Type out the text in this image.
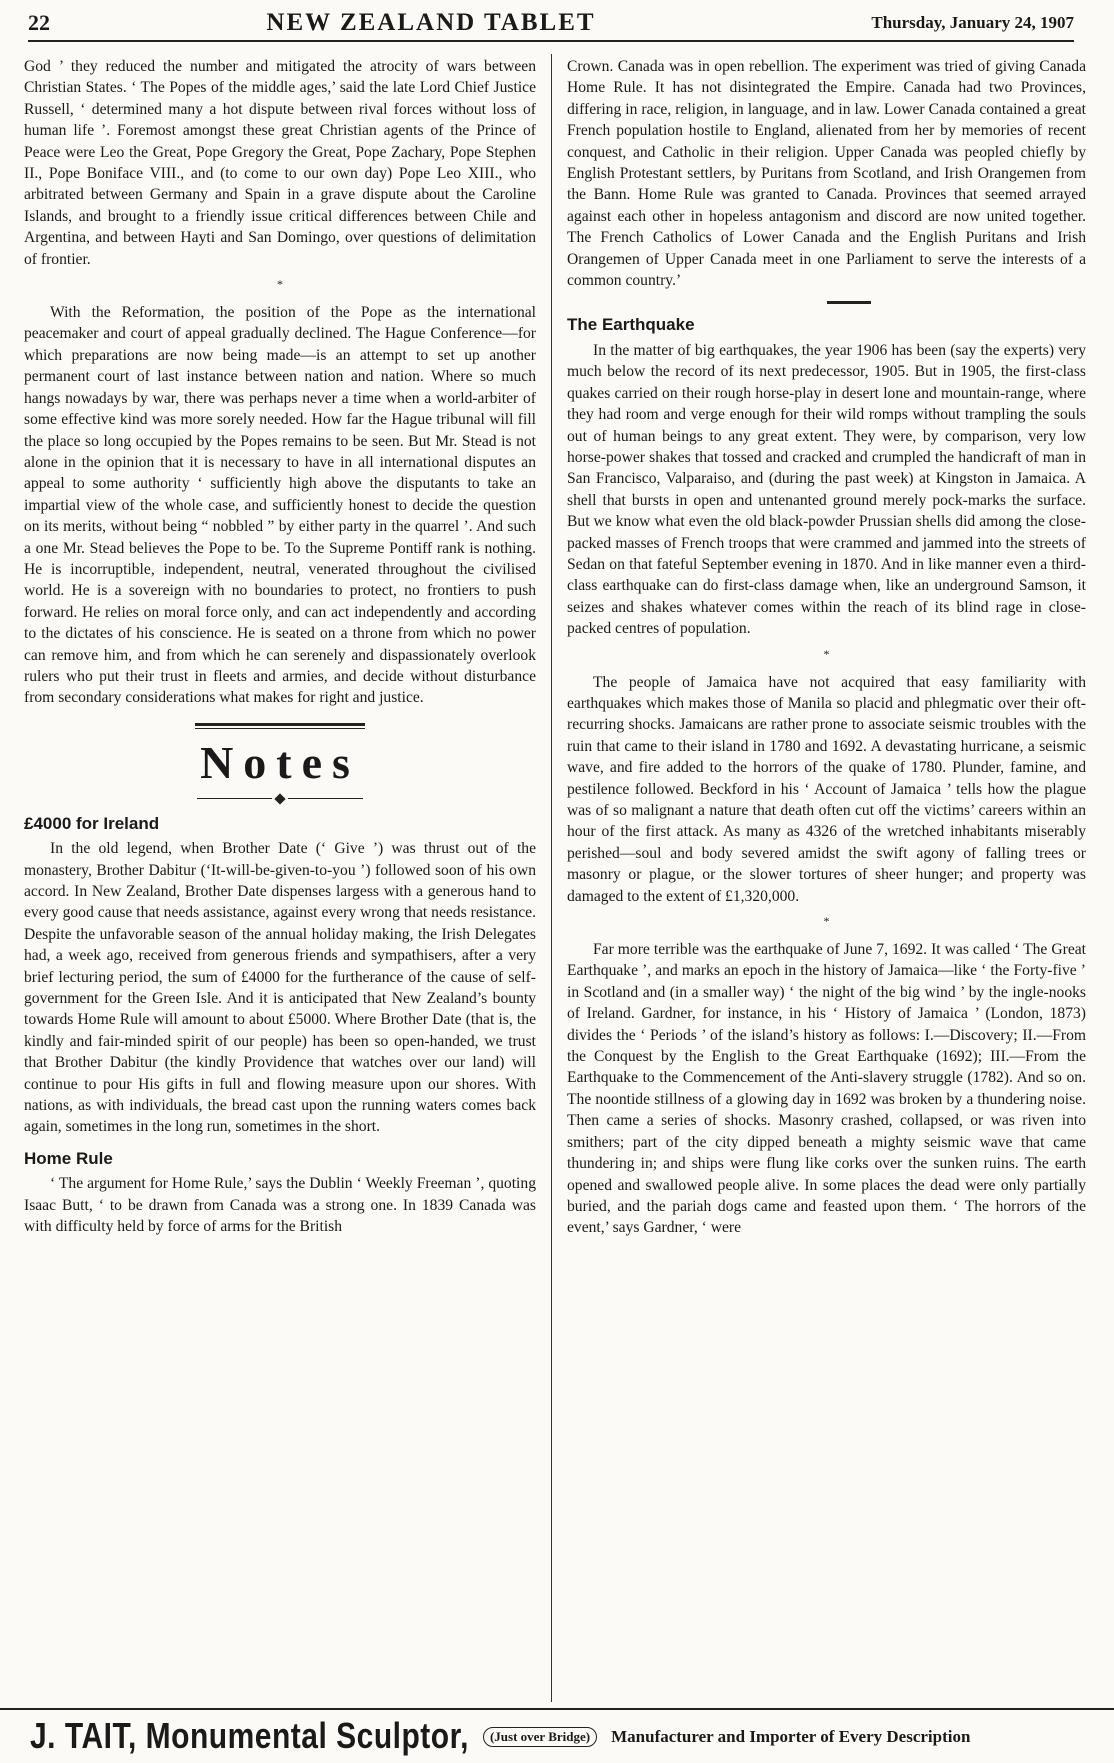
22	NEW ZEALAND TABLET	Thursday, January 24, 1907

God ’ they reduced the number and mitigated the atrocity of wars between Christian States. ‘ The Popes of the middle ages,’ said the late Lord Chief Justice Russell, ‘ determined many a hot dispute between rival forces without loss of human life ’. Foremost amongst these great Christian agents of the Prince of Peace were Leo the Great, Pope Gregory the Great, Pope Zachary, Pope Stephen II., Pope Boniface VIII., and (to come to our own day) Pope Leo XIII., who arbitrated between Germany and Spain in a grave dispute about the Caroline Islands, and brought to a friendly issue critical differences between Chile and Argentina, and between Hayti and San Domingo, over questions of delimitation of frontier.

*

With the Reformation, the position of the Pope as the international peacemaker and court of appeal gradually declined. The Hague Conference—for which preparations are now being made—is an attempt to set up another permanent court of last instance between nation and nation. Where so much hangs nowadays by war, there was perhaps never a time when a world-arbiter of some effective kind was more sorely needed. How far the Hague tribunal will fill the place so long occupied by the Popes remains to be seen. But Mr. Stead is not alone in the opinion that it is necessary to have in all international disputes an appeal to some authority ‘ sufficiently high above the disputants to take an impartial view of the whole case, and sufficiently honest to decide the question on its merits, without being “ nobbled ” by either party in the quarrel ’. And such a one Mr. Stead believes the Pope to be. To the Supreme Pontiff rank is nothing. He is incorruptible, independent, neutral, venerated throughout the civilised world. He is a sovereign with no boundaries to protect, no frontiers to push forward. He relies on moral force only, and can act independently and according to the dictates of his conscience. He is seated on a throne from which no power can remove him, and from which he can serenely and dispassionately overlook rulers who put their trust in fleets and armies, and decide without disturbance from secondary considerations what makes for right and justice.

Notes
£4000 for Ireland

In the old legend, when Brother Date (‘ Give ’) was thrust out of the monastery, Brother Dabitur (‘It-will-be-given-to-you ’) followed soon of his own accord. In New Zealand, Brother Date dispenses largess with a generous hand to every good cause that needs assistance, against every wrong that needs resistance. Despite the unfavorable season of the annual holiday making, the Irish Delegates had, a week ago, received from generous friends and sympathisers, after a very brief lecturing period, the sum of £4000 for the furtherance of the cause of self-government for the Green Isle. And it is anticipated that New Zealand’s bounty towards Home Rule will amount to about £5000. Where Brother Date (that is, the kindly and fair-minded spirit of our people) has been so open-handed, we trust that Brother Dabitur (the kindly Providence that watches over our land) will continue to pour His gifts in full and flowing measure upon our shores. With nations, as with individuals, the bread cast upon the running waters comes back again, sometimes in the long run, sometimes in the short.

Home Rule

‘ The argument for Home Rule,’ says the Dublin ‘ Weekly Freeman ’, quoting Isaac Butt, ‘ to be drawn from Canada was a strong one. In 1839 Canada was with difficulty held by force of arms for the British

Crown. Canada was in open rebellion. The experiment was tried of giving Canada Home Rule. It has not disintegrated the Empire. Canada had two Provinces, differing in race, religion, in language, and in law. Lower Canada contained a great French population hostile to England, alienated from her by memories of recent conquest, and Catholic in their religion. Upper Canada was peopled chiefly by English Protestant settlers, by Puritans from Scotland, and Irish Orangemen from the Bann. Home Rule was granted to Canada. Provinces that seemed arrayed against each other in hopeless antagonism and discord are now united together. The French Catholics of Lower Canada and the English Puritans and Irish Orangemen of Upper Canada meet in one Parliament to serve the interests of a common country.’

The Earthquake

In the matter of big earthquakes, the year 1906 has been (say the experts) very much below the record of its next predecessor, 1905. But in 1905, the first-class quakes carried on their rough horse-play in desert lone and mountain-range, where they had room and verge enough for their wild romps without trampling the souls out of human beings to any great extent. They were, by comparison, very low horse-power shakes that tossed and cracked and crumpled the handicraft of man in San Francisco, Valparaiso, and (during the past week) at Kingston in Jamaica. A shell that bursts in open and untenanted ground merely pock-marks the surface. But we know what even the old black-powder Prussian shells did among the close-packed masses of French troops that were crammed and jammed into the streets of Sedan on that fateful September evening in 1870. And in like manner even a third-class earthquake can do first-class damage when, like an underground Samson, it seizes and shakes whatever comes within the reach of its blind rage in close-packed centres of population.

*

The people of Jamaica have not acquired that easy familiarity with earthquakes which makes those of Manila so placid and phlegmatic over their oft-recurring shocks. Jamaicans are rather prone to associate seismic troubles with the ruin that came to their island in 1780 and 1692. A devastating hurricane, a seismic wave, and fire added to the horrors of the quake of 1780. Plunder, famine, and pestilence followed. Beckford in his ‘ Account of Jamaica ’ tells how the plague was of so malignant a nature that death often cut off the victims’ careers within an hour of the first attack. As many as 4326 of the wretched inhabitants miserably perished—soul and body severed amidst the swift agony of falling trees or masonry or plague, or the slower tortures of sheer hunger; and property was damaged to the extent of £1,320,000.

*

Far more terrible was the earthquake of June 7, 1692. It was called ‘ The Great Earthquake ’, and marks an epoch in the history of Jamaica—like ‘ the Forty-five ’ in Scotland and (in a smaller way) ‘ the night of the big wind ’ by the ingle-nooks of Ireland. Gardner, for instance, in his ‘ History of Jamaica ’ (London, 1873) divides the ‘ Periods ’ of the island’s history as follows: I.—Discovery; II.—From the Conquest by the English to the Great Earthquake (1692); III.—From the Earthquake to the Commencement of the Anti-slavery struggle (1782). And so on. The noontide stillness of a glowing day in 1692 was broken by a thundering noise. Then came a series of shocks. Masonry crashed, collapsed, or was riven into smithers; part of the city dipped beneath a mighty seismic wave that came thundering in; and ships were flung like corks over the sunken ruins. The earth opened and swallowed people alive. In some places the dead were only partially buried, and the pariah dogs came and feasted upon them. ‘ The horrors of the event,’ says Gardner, ‘ were

J. TAIT, Monumental Sculptor,	(Just over Bridge)	Manufacturer and Importer of Every Description
